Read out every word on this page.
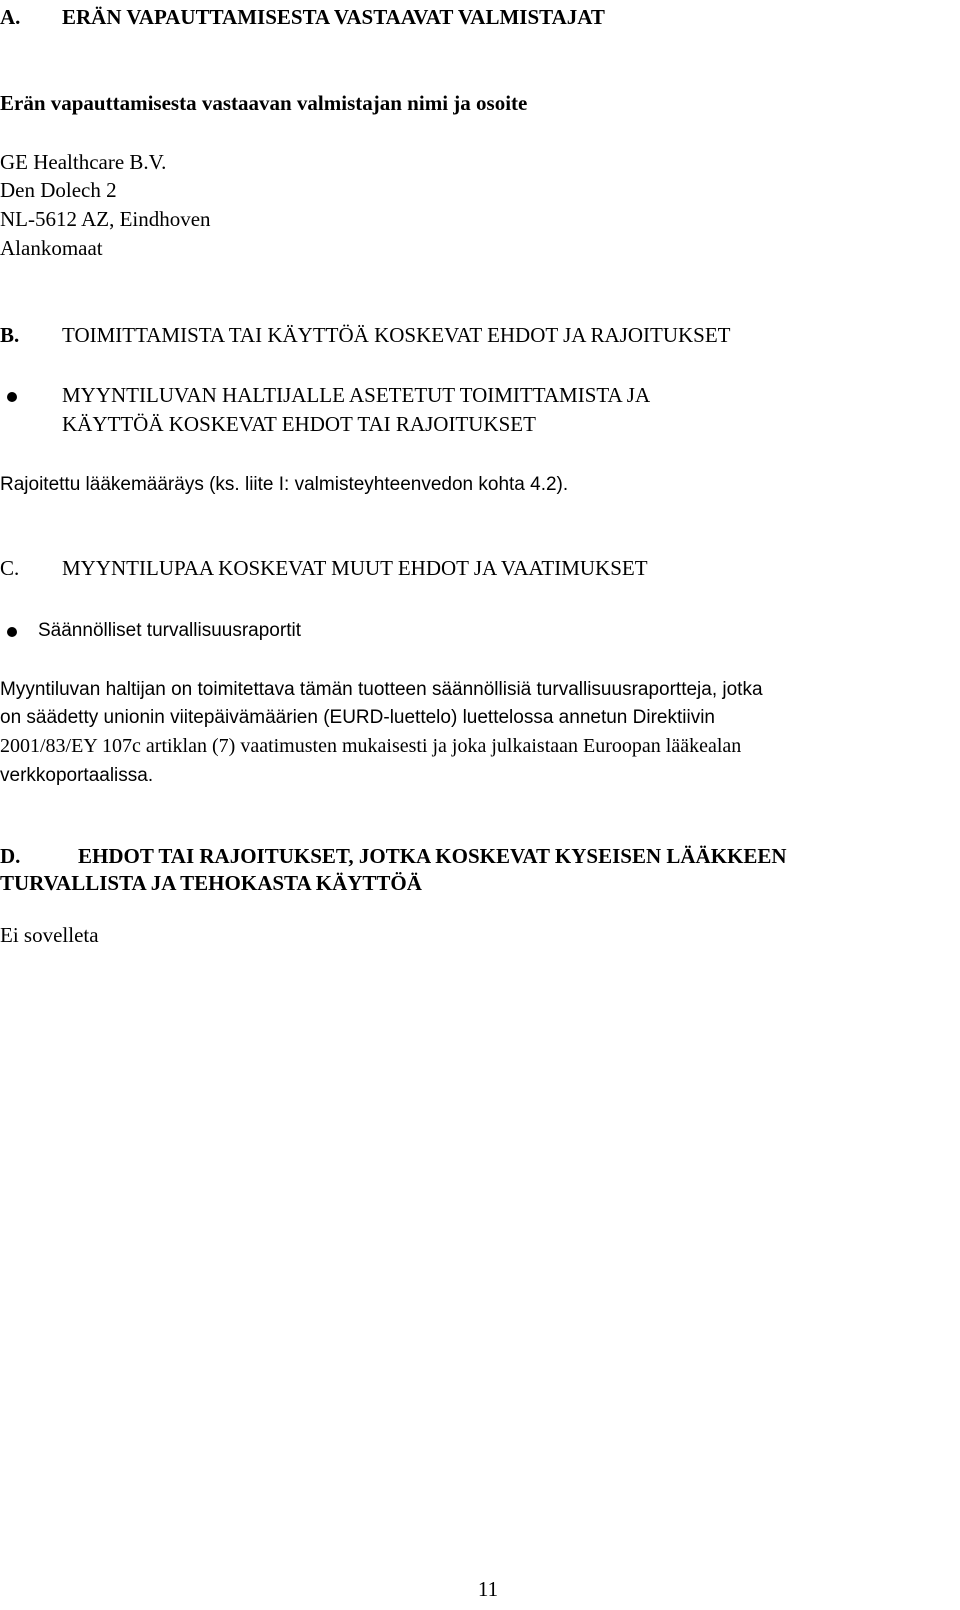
A. ERÄN VAPAUTTAMISESTA VASTAAVAT VALMISTAJAT
Erän vapauttamisesta vastaavan valmistajan nimi ja osoite
GE Healthcare B.V.
Den Dolech 2
NL-5612 AZ, Eindhoven
Alankomaat
B. TOIMITTAMISTA TAI KÄYTTÖÄ KOSKEVAT EHDOT JA RAJOITUKSET
MYYNTILUVAN HALTIJALLE ASETETUT TOIMITTAMISTA JA
KÄYTTÖÄ KOSKEVAT EHDOT TAI RAJOITUKSET
Rajoitettu lääkemääräys (ks. liite I: valmisteyhteenvedon kohta 4.2).
C. MYYNTILUPAA KOSKEVAT MUUT EHDOT JA VAATIMUKSET
Säännölliset turvallisuusraportit
Myyntiluvan haltijan on toimitettava tämän tuotteen säännöllisiä turvallisuusraportteja, jotka
on säädetty unionin viitepäivämäärien (EURD-luettelo) luettelossa annetun Direktiivin
2001/83/EY 107c artiklan (7) vaatimusten mukaisesti ja joka julkaistaan Euroopan lääkealan
verkkoportaalissa.
D.	EHDOT TAI RAJOITUKSET, JOTKA KOSKEVAT KYSEISEN LÄÄKKEEN
TURVALLISTA JA TEHOKASTA KÄYTTÖÄ
Ei sovelleta
11
